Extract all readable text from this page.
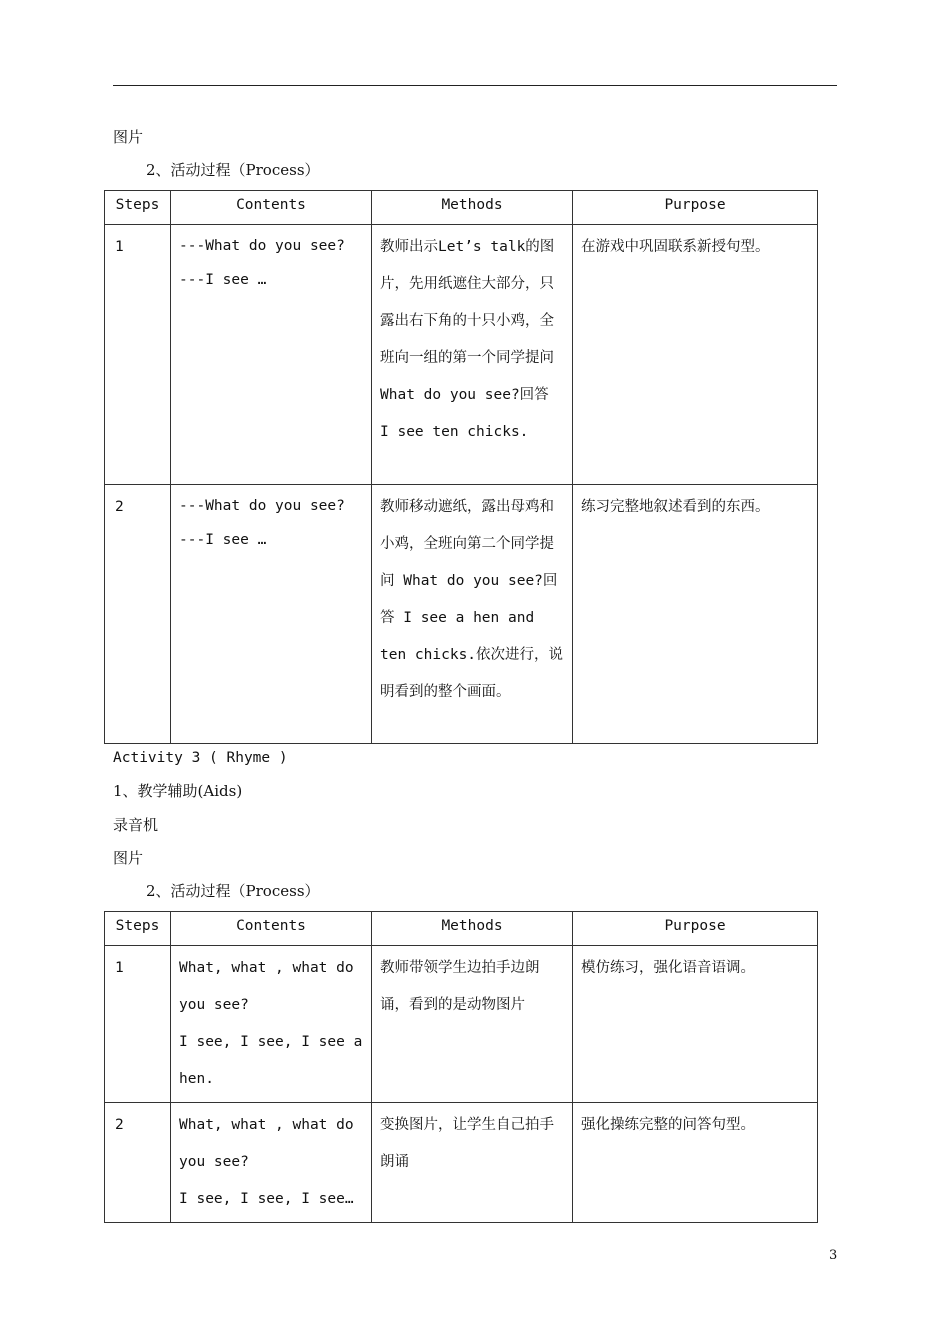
图片
2、活动过程（Process）
Steps	Contents	Methods	Purpose
1	---What do you see?
---I see …	教师出示Let’s talk的图片，先用纸遮住大部分，只露出右下角的十只小鸡，全班向一组的第一个同学提问What do you see?回答 I see ten chicks.	在游戏中巩固联系新授句型。
2	---What do you see?
---I see …	教师移动遮纸，露出母鸡和小鸡，全班向第二个同学提问 What do you see?回答 I see a hen and ten chicks.依次进行，说明看到的整个画面。	练习完整地叙述看到的东西。
Activity 3 ( Rhyme )
1、教学辅助(Aids)
录音机
图片
2、活动过程（Process）
Steps	Contents	Methods	Purpose
1	What, what , what do you see?
I see, I see, I see a hen.	教师带领学生边拍手边朗诵，看到的是动物图片	模仿练习，强化语音语调。
2	What, what , what do you see?
I see, I see, I see…	变换图片，让学生自己拍手朗诵	强化操练完整的问答句型。
3
